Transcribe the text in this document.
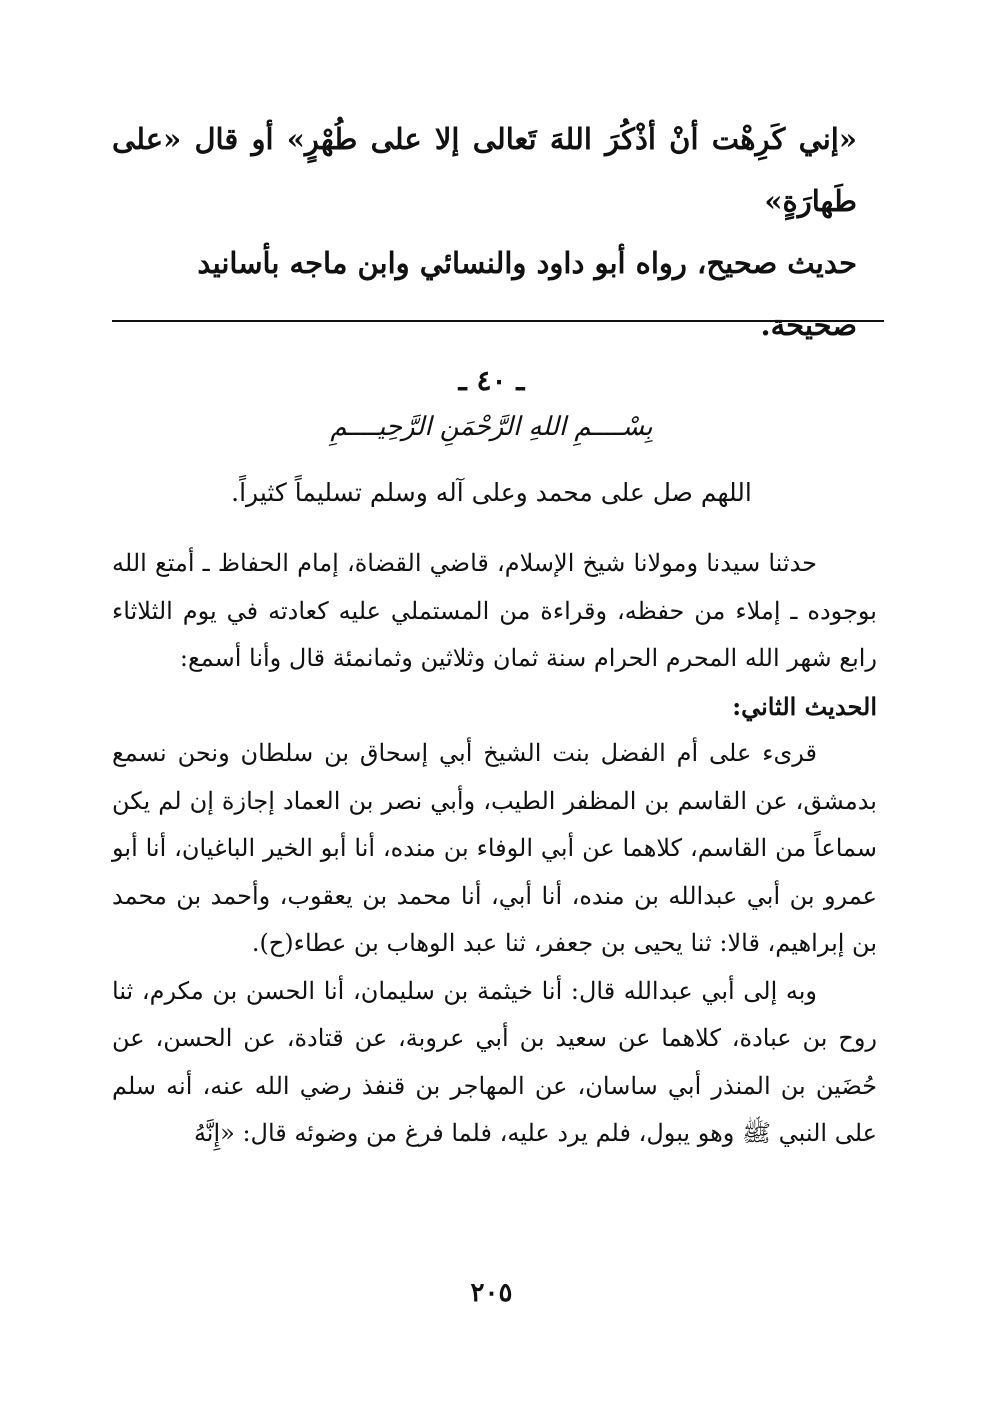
«إني كَرِهْت أنْ أذْكُرَ اللهَ تَعالى إلا على طُهْرٍ» أو قال «على طَهارَةٍ»
حديث صحيح، رواه أبو داود والنسائي وابن ماجه بأسانيد
صحيحة.
ـ ٤٠ ـ
بِسْــــمِ اللهِ الرَّحْمَنِ الرَّحِيــــمِ
اللهم صل على محمد وعلى آله وسلم تسليماً كثيراً.

حدثنا سيدنا ومولانا شيخ الإسلام، قاضي القضاة، إمام الحفاظ ـ أمتع الله بوجوده ـ إملاء من حفظه، وقراءة من المستملي عليه كعادته في يوم الثلاثاء رابع شهر الله المحرم الحرام سنة ثمان وثلاثين وثمانمئة قال وأنا أسمع:

الحديث الثاني:

قرىء على أم الفضل بنت الشيخ أبي إسحاق بن سلطان ونحن نسمع بدمشق، عن القاسم بن المظفر الطيب، وأبي نصر بن العماد إجازة إن لم يكن سماعاً من القاسم، كلاهما عن أبي الوفاء بن منده، أنا أبو الخير الباغيان، أنا أبو عمرو بن أبي عبدالله بن منده، أنا أبي، أنا محمد بن يعقوب، وأحمد بن محمد بن إبراهيم، قالا: ثنا يحيى بن جعفر، ثنا عبد الوهاب بن عطاء(ح).

وبه إلى أبي عبدالله قال: أنا خيثمة بن سليمان، أنا الحسن بن مكرم، ثنا روح بن عبادة، كلاهما عن سعيد بن أبي عروبة، عن قتادة، عن الحسن، عن حُضَين بن المنذر أبي ساسان، عن المهاجر بن قنفذ رضي الله عنه، أنه سلم على النبي ﷺ وهو يبول، فلم يرد عليه، فلما فرغ من وضوئه قال: «إِنَّهُ

٢٠٥
